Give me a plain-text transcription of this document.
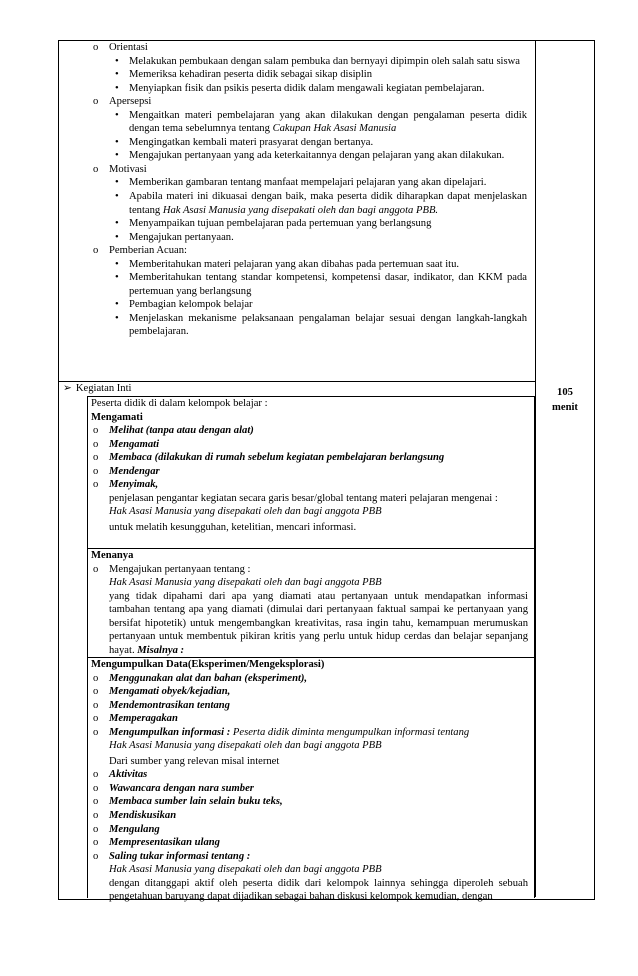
o Orientasi
• Melakukan pembukaan dengan salam pembuka dan bernyayi dipimpin oleh salah satu siswa
• Memeriksa kehadiran peserta didik sebagai sikap disiplin
• Menyiapkan fisik dan psikis peserta didik dalam mengawali kegiatan pembelajaran.
o Apersepsi
• Mengaitkan materi pembelajaran yang akan dilakukan dengan pengalaman peserta didik dengan tema sebelumnya tentang Cakupan Hak Asasi Manusia
• Mengingatkan kembali materi prasyarat dengan bertanya.
• Mengajukan pertanyaan yang ada keterkaitannya dengan pelajaran yang akan dilakukan.
o Motivasi
• Memberikan gambaran tentang manfaat mempelajari pelajaran yang akan dipelajari.
• Apabila materi ini dikuasai dengan baik, maka peserta didik diharapkan dapat menjelaskan tentang Hak Asasi Manusia yang disepakati oleh dan bagi anggota PBB.
• Menyampaikan tujuan pembelajaran pada pertemuan yang berlangsung
• Mengajukan pertanyaan.
o Pemberian Acuan:
• Memberitahukan materi pelajaran yang akan dibahas pada pertemuan saat itu.
• Memberitahukan tentang standar kompetensi, kompetensi dasar, indikator, dan KKM pada pertemuan yang berlangsung
• Pembagian kelompok belajar
• Menjelaskan mekanisme pelaksanaan pengalaman belajar sesuai dengan langkah-langkah pembelajaran.
➢ Kegiatan Inti
Peserta didik di dalam kelompok belajar :
Mengamati
o Melihat (tanpa atau dengan alat)
o Mengamati
o Membaca (dilakukan di rumah sebelum kegiatan pembelajaran berlangsung
o Mendengar
o Menyimak,
penjelasan pengantar kegiatan secara garis besar/global tentang materi pelajaran mengenai :
Hak Asasi Manusia yang disepakati oleh dan bagi anggota PBB
untuk melatih kesungguhan, ketelitian, mencari informasi.
Menanya
o Mengajukan pertanyaan tentang :
Hak Asasi Manusia yang disepakati oleh dan bagi anggota PBB
yang tidak dipahami dari apa yang diamati atau pertanyaan untuk mendapatkan informasi tambahan tentang apa yang diamati (dimulai dari pertanyaan faktual sampai ke pertanyaan yang bersifat hipotetik) untuk mengembangkan kreativitas, rasa ingin tahu, kemampuan merumuskan pertanyaan untuk membentuk pikiran kritis yang perlu untuk hidup cerdas dan belajar sepanjang hayat. Misalnya :
Mengumpulkan Data(Eksperimen/Mengeksplorasi)
o Menggunakan alat dan bahan (eksperiment),
o Mengamati obyek/kejadian,
o Mendemontrasikan tentang
o Memperagakan
o Mengumpulkan informasi : Peserta didik diminta mengumpulkan informasi tentang
Hak Asasi Manusia yang disepakati oleh dan bagi anggota PBB
Dari sumber yang relevan misal internet
o Aktivitas
o Wawancara dengan nara sumber
o Membaca sumber lain selain buku teks,
o Mendiskusikan
o Mengulang
o Mempresentasikan ulang
o Saling tukar informasi tentang :
Hak Asasi Manusia yang disepakati oleh dan bagi anggota PBB
dengan ditanggapi aktif oleh peserta didik dari kelompok lainnya sehingga diperoleh sebuah pengetahuan baruyang dapat dijadikan sebagai bahan diskusi kelompok kemudian, dengan
105
menit
